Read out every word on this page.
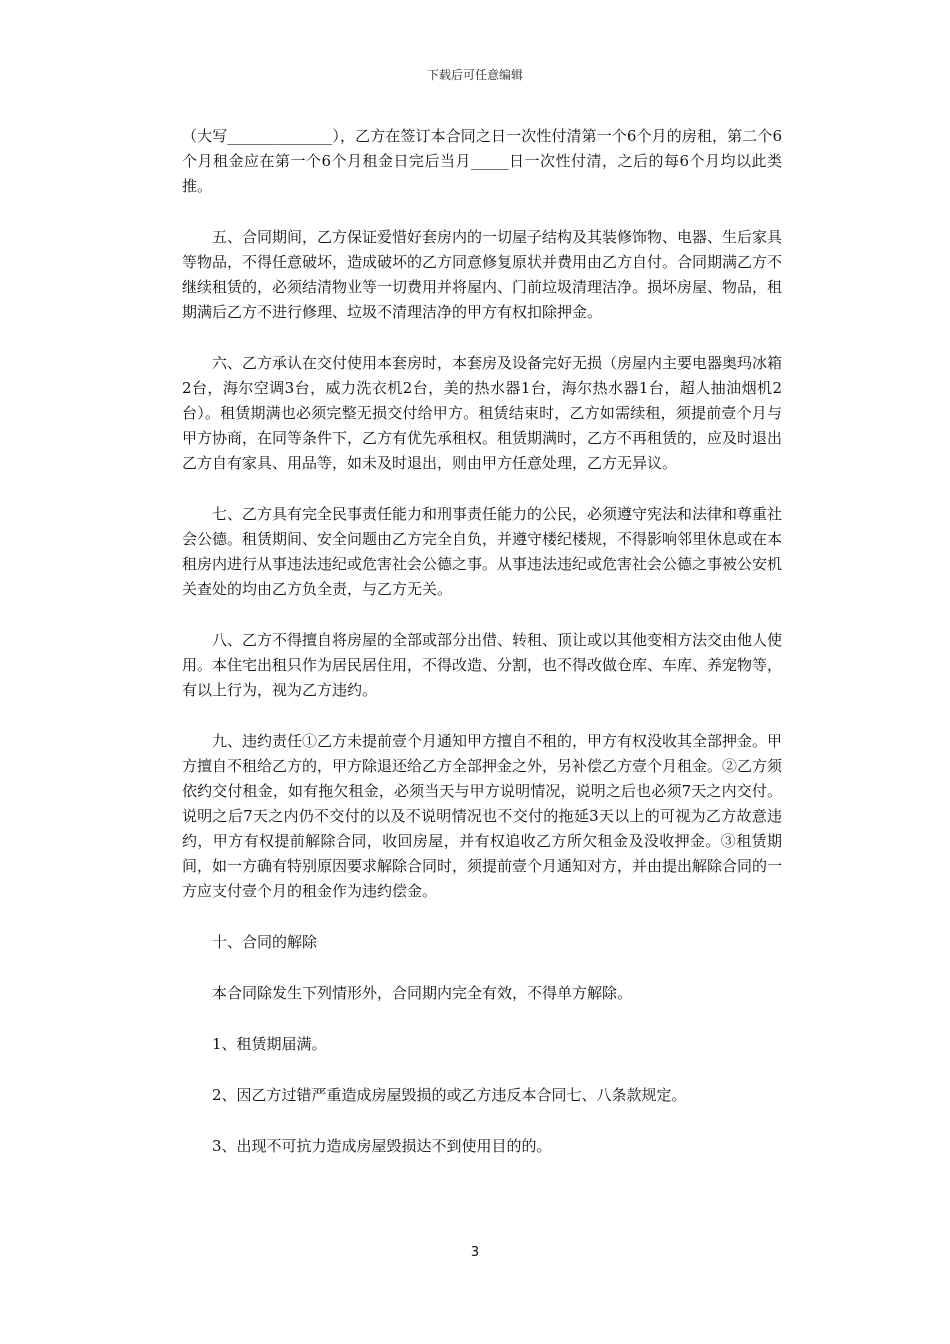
下载后可任意编辑

（大写______________），乙方在签订本合同之日一次性付清第一个6个月的房租，第二个6个月租金应在第一个6个月租金日完后当月_____日一次性付清，之后的每6个月均以此类推。

五、合同期间，乙方保证爱惜好套房内的一切屋子结构及其装修饰物、电器、生后家具等物品，不得任意破坏，造成破坏的乙方同意修复原状并费用由乙方自付。合同期满乙方不继续租赁的，必须结清物业等一切费用并将屋内、门前垃圾清理洁净。损坏房屋、物品，租期满后乙方不进行修理、垃圾不清理洁净的甲方有权扣除押金。

六、乙方承认在交付使用本套房时，本套房及设备完好无损（房屋内主要电器奥玛冰箱2台，海尔空调3台，威力洗衣机2台，美的热水器1台，海尔热水器1台，超人抽油烟机2台）。租赁期满也必须完整无损交付给甲方。租赁结束时，乙方如需续租，须提前壹个月与甲方协商，在同等条件下，乙方有优先承租权。租赁期满时，乙方不再租赁的，应及时退出乙方自有家具、用品等，如未及时退出，则由甲方任意处理，乙方无异议。

七、乙方具有完全民事责任能力和刑事责任能力的公民，必须遵守宪法和法律和尊重社会公德。租赁期间、安全问题由乙方完全自负，并遵守楼纪楼规，不得影响邻里休息或在本租房内进行从事违法违纪或危害社会公德之事。从事违法违纪或危害社会公德之事被公安机关查处的均由乙方负全责，与乙方无关。

八、乙方不得擅自将房屋的全部或部分出借、转租、顶让或以其他变相方法交由他人使用。本住宅出租只作为居民居住用，不得改造、分割，也不得改做仓库、车库、养宠物等，有以上行为，视为乙方违约。

九、违约责任①乙方未提前壹个月通知甲方擅自不租的，甲方有权没收其全部押金。甲方擅自不租给乙方的，甲方除退还给乙方全部押金之外，另补偿乙方壹个月租金。②乙方须依约交付租金，如有拖欠租金，必须当天与甲方说明情况，说明之后也必须7天之内交付。说明之后7天之内仍不交付的以及不说明情况也不交付的拖延3天以上的可视为乙方故意违约，甲方有权提前解除合同，收回房屋，并有权追收乙方所欠租金及没收押金。③租赁期间，如一方确有特别原因要求解除合同时，须提前壹个月通知对方，并由提出解除合同的一方应支付壹个月的租金作为违约偿金。

十、合同的解除

本合同除发生下列情形外，合同期内完全有效，不得单方解除。

1、租赁期届满。

2、因乙方过错严重造成房屋毁损的或乙方违反本合同七、八条款规定。

3、出现不可抗力造成房屋毁损达不到使用目的的。

3
